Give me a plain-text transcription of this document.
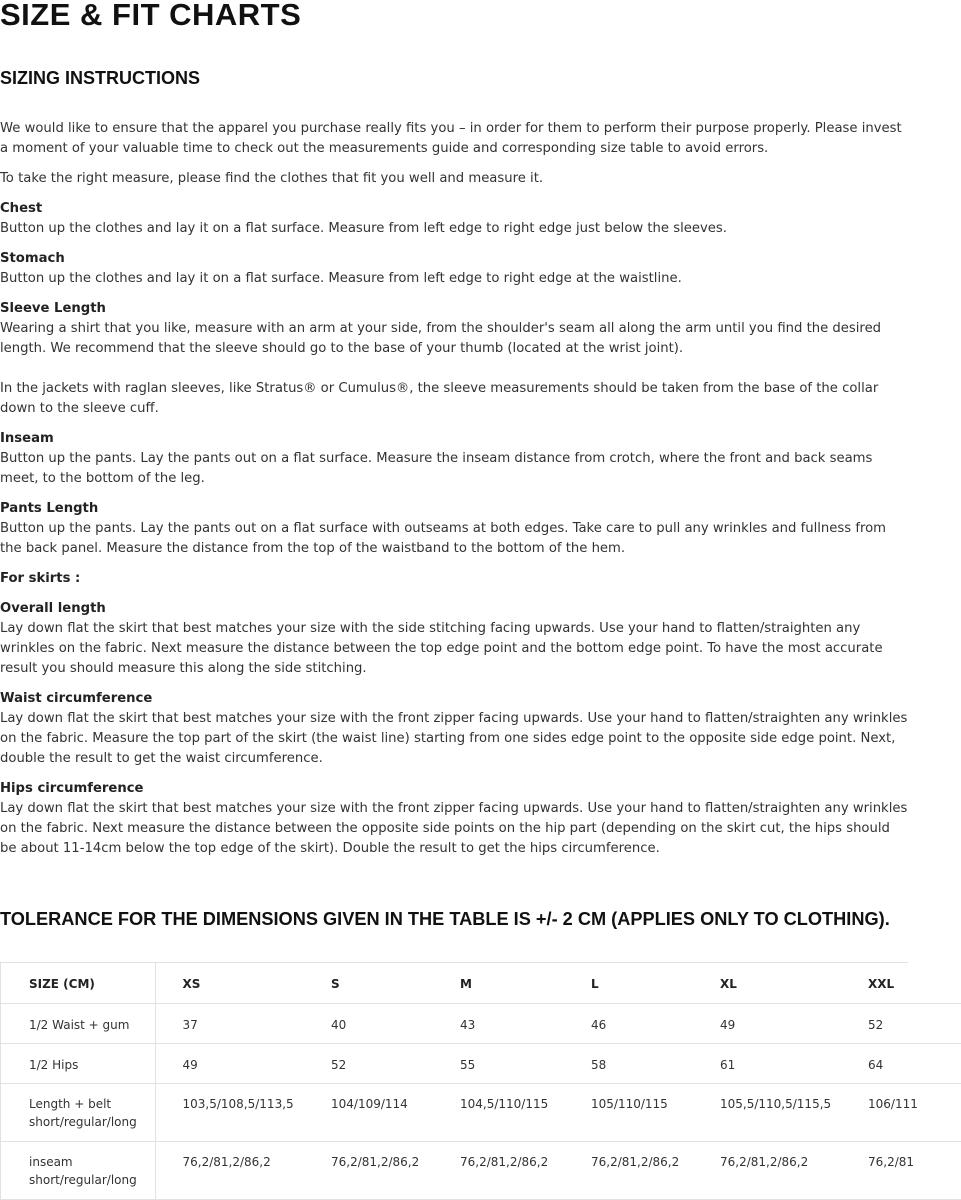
SIZE & FIT CHARTS
SIZING INSTRUCTIONS

We would like to ensure that the apparel you purchase really fits you – in order for them to perform their purpose properly. Please invest a moment of your valuable time to check out the measurements guide and corresponding size table to avoid errors.

To take the right measure, please find the clothes that fit you well and measure it.

Chest
Button up the clothes and lay it on a flat surface. Measure from left edge to right edge just below the sleeves.
Stomach
Button up the clothes and lay it on a flat surface. Measure from left edge to right edge at the waistline.
Sleeve Length
Wearing a shirt that you like, measure with an arm at your side, from the shoulder's seam all along the arm until you find the desired length. We recommend that the sleeve should go to the base of your thumb (located at the wrist joint).
In the jackets with raglan sleeves, like Stratus® or Cumulus®, the sleeve measurements should be taken from the base of the collar down to the sleeve cuff.
Inseam
Button up the pants. Lay the pants out on a flat surface. Measure the inseam distance from crotch, where the front and back seams meet, to the bottom of the leg.
Pants Length
Button up the pants. Lay the pants out on a flat surface with outseams at both edges. Take care to pull any wrinkles and fullness from the back panel. Measure the distance from the top of the waistband to the bottom of the hem.
For skirts :
Overall length
Lay down flat the skirt that best matches your size with the side stitching facing upwards. Use your hand to flatten/straighten any wrinkles on the fabric. Next measure the distance between the top edge point and the bottom edge point. To have the most accurate result you should measure this along the side stitching.
Waist circumference
Lay down flat the skirt that best matches your size with the front zipper facing upwards. Use your hand to flatten/straighten any wrinkles on the fabric. Measure the top part of the skirt (the waist line) starting from one sides edge point to the opposite side edge point. Next, double the result to get the waist circumference.
Hips circumference
Lay down flat the skirt that best matches your size with the front zipper facing upwards. Use your hand to flatten/straighten any wrinkles on the fabric. Next measure the distance between the opposite side points on the hip part (depending on the skirt cut, the hips should be about 11-14cm below the top edge of the skirt). Double the result to get the hips circumference.
TOLERANCE FOR THE DIMENSIONS GIVEN IN THE TABLE IS +/- 2 CM (APPLIES ONLY TO CLOTHING).
SIZE (CM)	XS	S	M	L	XL	XXL
1/2 Waist + gum	37	40	43	46	49	52
1/2 Hips	49	52	55	58	61	64
Length + belt short/regular/long	103,5/108,5/113,5	104/109/114	104,5/110/115	105/110/115	105,5/110,5/115,5	106/111
inseam short/regular/long	76,2/81,2/86,2	76,2/81,2/86,2	76,2/81,2/86,2	76,2/81,2/86,2	76,2/81,2/86,2	76,2/81
